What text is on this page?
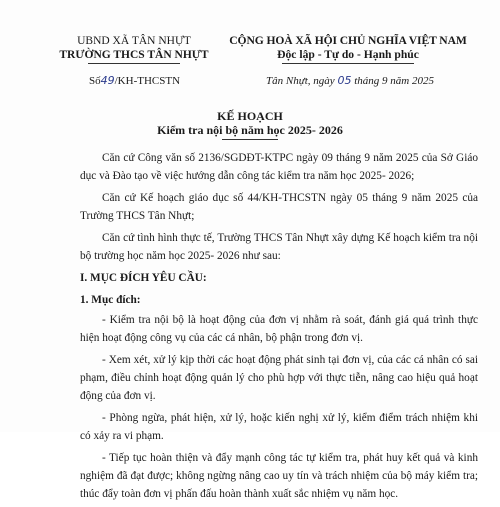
UBND XÃ TÂN NHỰT
TRƯỜNG THCS TÂN NHỰT
CỘNG HOÀ XÃ HỘI CHỦ NGHĨA VIỆT NAM
Độc lập - Tự do - Hạnh phúc
Số49/KH-THCSTN	Tân Nhựt, ngày 05 tháng 9 năm 2025
KẾ HOẠCH
Kiểm tra nội bộ năm học 2025- 2026

Căn cứ Công văn số 2136/SGDĐT-KTPC ngày 09 tháng 9 năm 2025 của Sở Giáo dục và Đào tạo về việc hướng dẫn công tác kiểm tra năm học 2025- 2026;

Căn cứ Kế hoạch giáo dục số 44/KH-THCSTN ngày 05 tháng 9 năm 2025 của Trường THCS Tân Nhựt;

Căn cứ tình hình thực tế, Trường THCS Tân Nhựt xây dựng Kế hoạch kiểm tra nội bộ trường học năm học 2025- 2026 như sau:

I. MỤC ĐÍCH YÊU CẦU:

1. Mục đích:

- Kiểm tra nội bộ là hoạt động của đơn vị nhằm rà soát, đánh giá quá trình thực hiện hoạt động công vụ của các cá nhân, bộ phận trong đơn vị.

- Xem xét, xử lý kịp thời các hoạt động phát sinh tại đơn vị, của các cá nhân có sai phạm, điều chỉnh hoạt động quản lý cho phù hợp với thực tiễn, nâng cao hiệu quả hoạt động của đơn vị.

- Phòng ngừa, phát hiện, xử lý, hoặc kiến nghị xử lý, kiểm điểm trách nhiệm khi có xảy ra vi phạm.

- Tiếp tục hoàn thiện và đẩy mạnh công tác tự kiểm tra, phát huy kết quả và kinh nghiệm đã đạt được; không ngừng nâng cao uy tín và trách nhiệm của bộ máy kiểm tra; thúc đẩy toàn đơn vị phấn đấu hoàn thành xuất sắc nhiệm vụ năm học.
